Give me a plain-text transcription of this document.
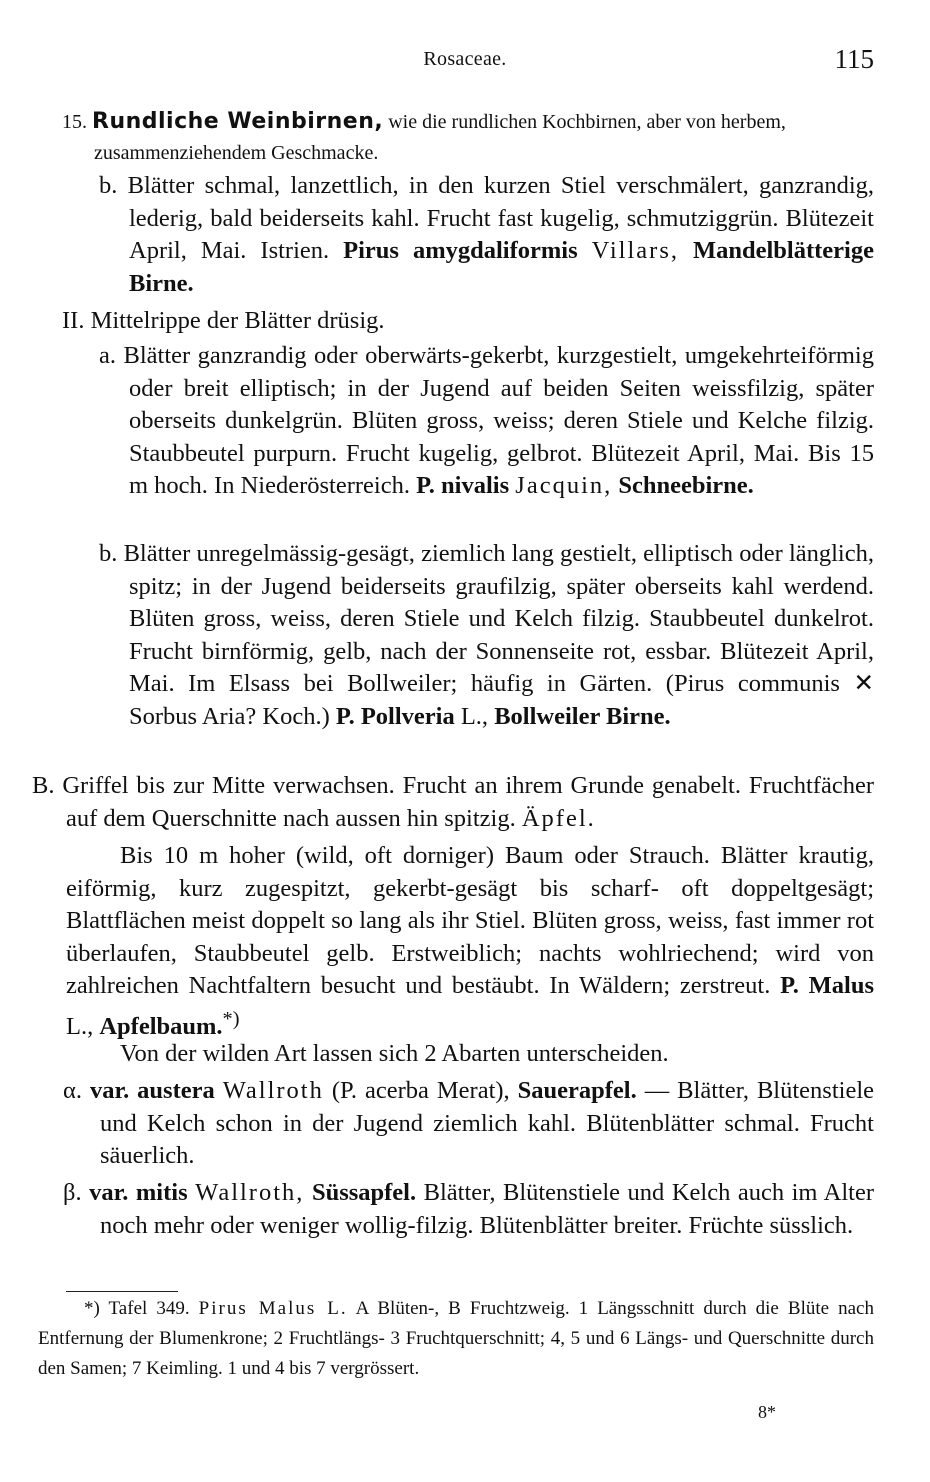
Rosaceae.	115

15. Rundliche Weinbirnen, wie die rundlichen Kochbirnen, aber von herbem,
zusammenziehendem Geschmacke.

b. Blätter schmal, lanzettlich, in den kurzen Stiel verschmälert, ganzrandig, lederig, bald beiderseits kahl. Frucht fast kugelig, schmutziggrün. Blütezeit April, Mai. Istrien. Pirus amygdaliformis Villars, Mandelblätterige Birne.

II. Mittelrippe der Blätter drüsig.

a. Blätter ganzrandig oder oberwärts-gekerbt, kurzgestielt, umgekehrteiförmig oder breit elliptisch; in der Jugend auf beiden Seiten weissfilzig, später oberseits dunkelgrün. Blüten gross, weiss; deren Stiele und Kelche filzig. Staubbeutel purpurn. Frucht kugelig, gelbrot. Blütezeit April, Mai. Bis 15 m hoch. In Niederösterreich. P. nivalis Jacquin, Schneebirne.

b. Blätter unregelmässig-gesägt, ziemlich lang gestielt, elliptisch oder länglich, spitz; in der Jugend beiderseits graufilzig, später oberseits kahl werdend. Blüten gross, weiss, deren Stiele und Kelch filzig. Staubbeutel dunkelrot. Frucht birnförmig, gelb, nach der Sonnenseite rot, essbar. Blütezeit April, Mai. Im Elsass bei Bollweiler; häufig in Gärten. (Pirus communis ✕ Sorbus Aria? Koch.) P. Pollveria L., Bollweiler Birne.

B. Griffel bis zur Mitte verwachsen. Frucht an ihrem Grunde genabelt. Fruchtfächer auf dem Querschnitte nach aussen hin spitzig. Äpfel.

Bis 10 m hoher (wild, oft dorniger) Baum oder Strauch. Blätter krautig, eiförmig, kurz zugespitzt, gekerbt-gesägt bis scharf- oft doppeltgesägt; Blattflächen meist doppelt so lang als ihr Stiel. Blüten gross, weiss, fast immer rot überlaufen, Staubbeutel gelb. Erstweiblich; nachts wohlriechend; wird von zahlreichen Nachtfaltern besucht und bestäubt. In Wäldern; zerstreut. P. Malus L., Apfelbaum.*)

Von der wilden Art lassen sich 2 Abarten unterscheiden.

α. var. austera Wallroth (P. acerba Merat), Sauerapfel. — Blätter, Blütenstiele und Kelch schon in der Jugend ziemlich kahl. Blütenblätter schmal. Frucht säuerlich.

β. var. mitis Wallroth, Süssapfel. Blätter, Blütenstiele und Kelch auch im Alter noch mehr oder weniger wollig-filzig. Blütenblätter breiter. Früchte süsslich.

*) Tafel 349. Pirus Malus L. A Blüten-, B Fruchtzweig. 1 Längsschnitt durch die Blüte nach Entfernung der Blumenkrone; 2 Fruchtlängs- 3 Fruchtquerschnitt; 4, 5 und 6 Längs- und Querschnitte durch den Samen; 7 Keimling. 1 und 4 bis 7 vergrössert.

8*
